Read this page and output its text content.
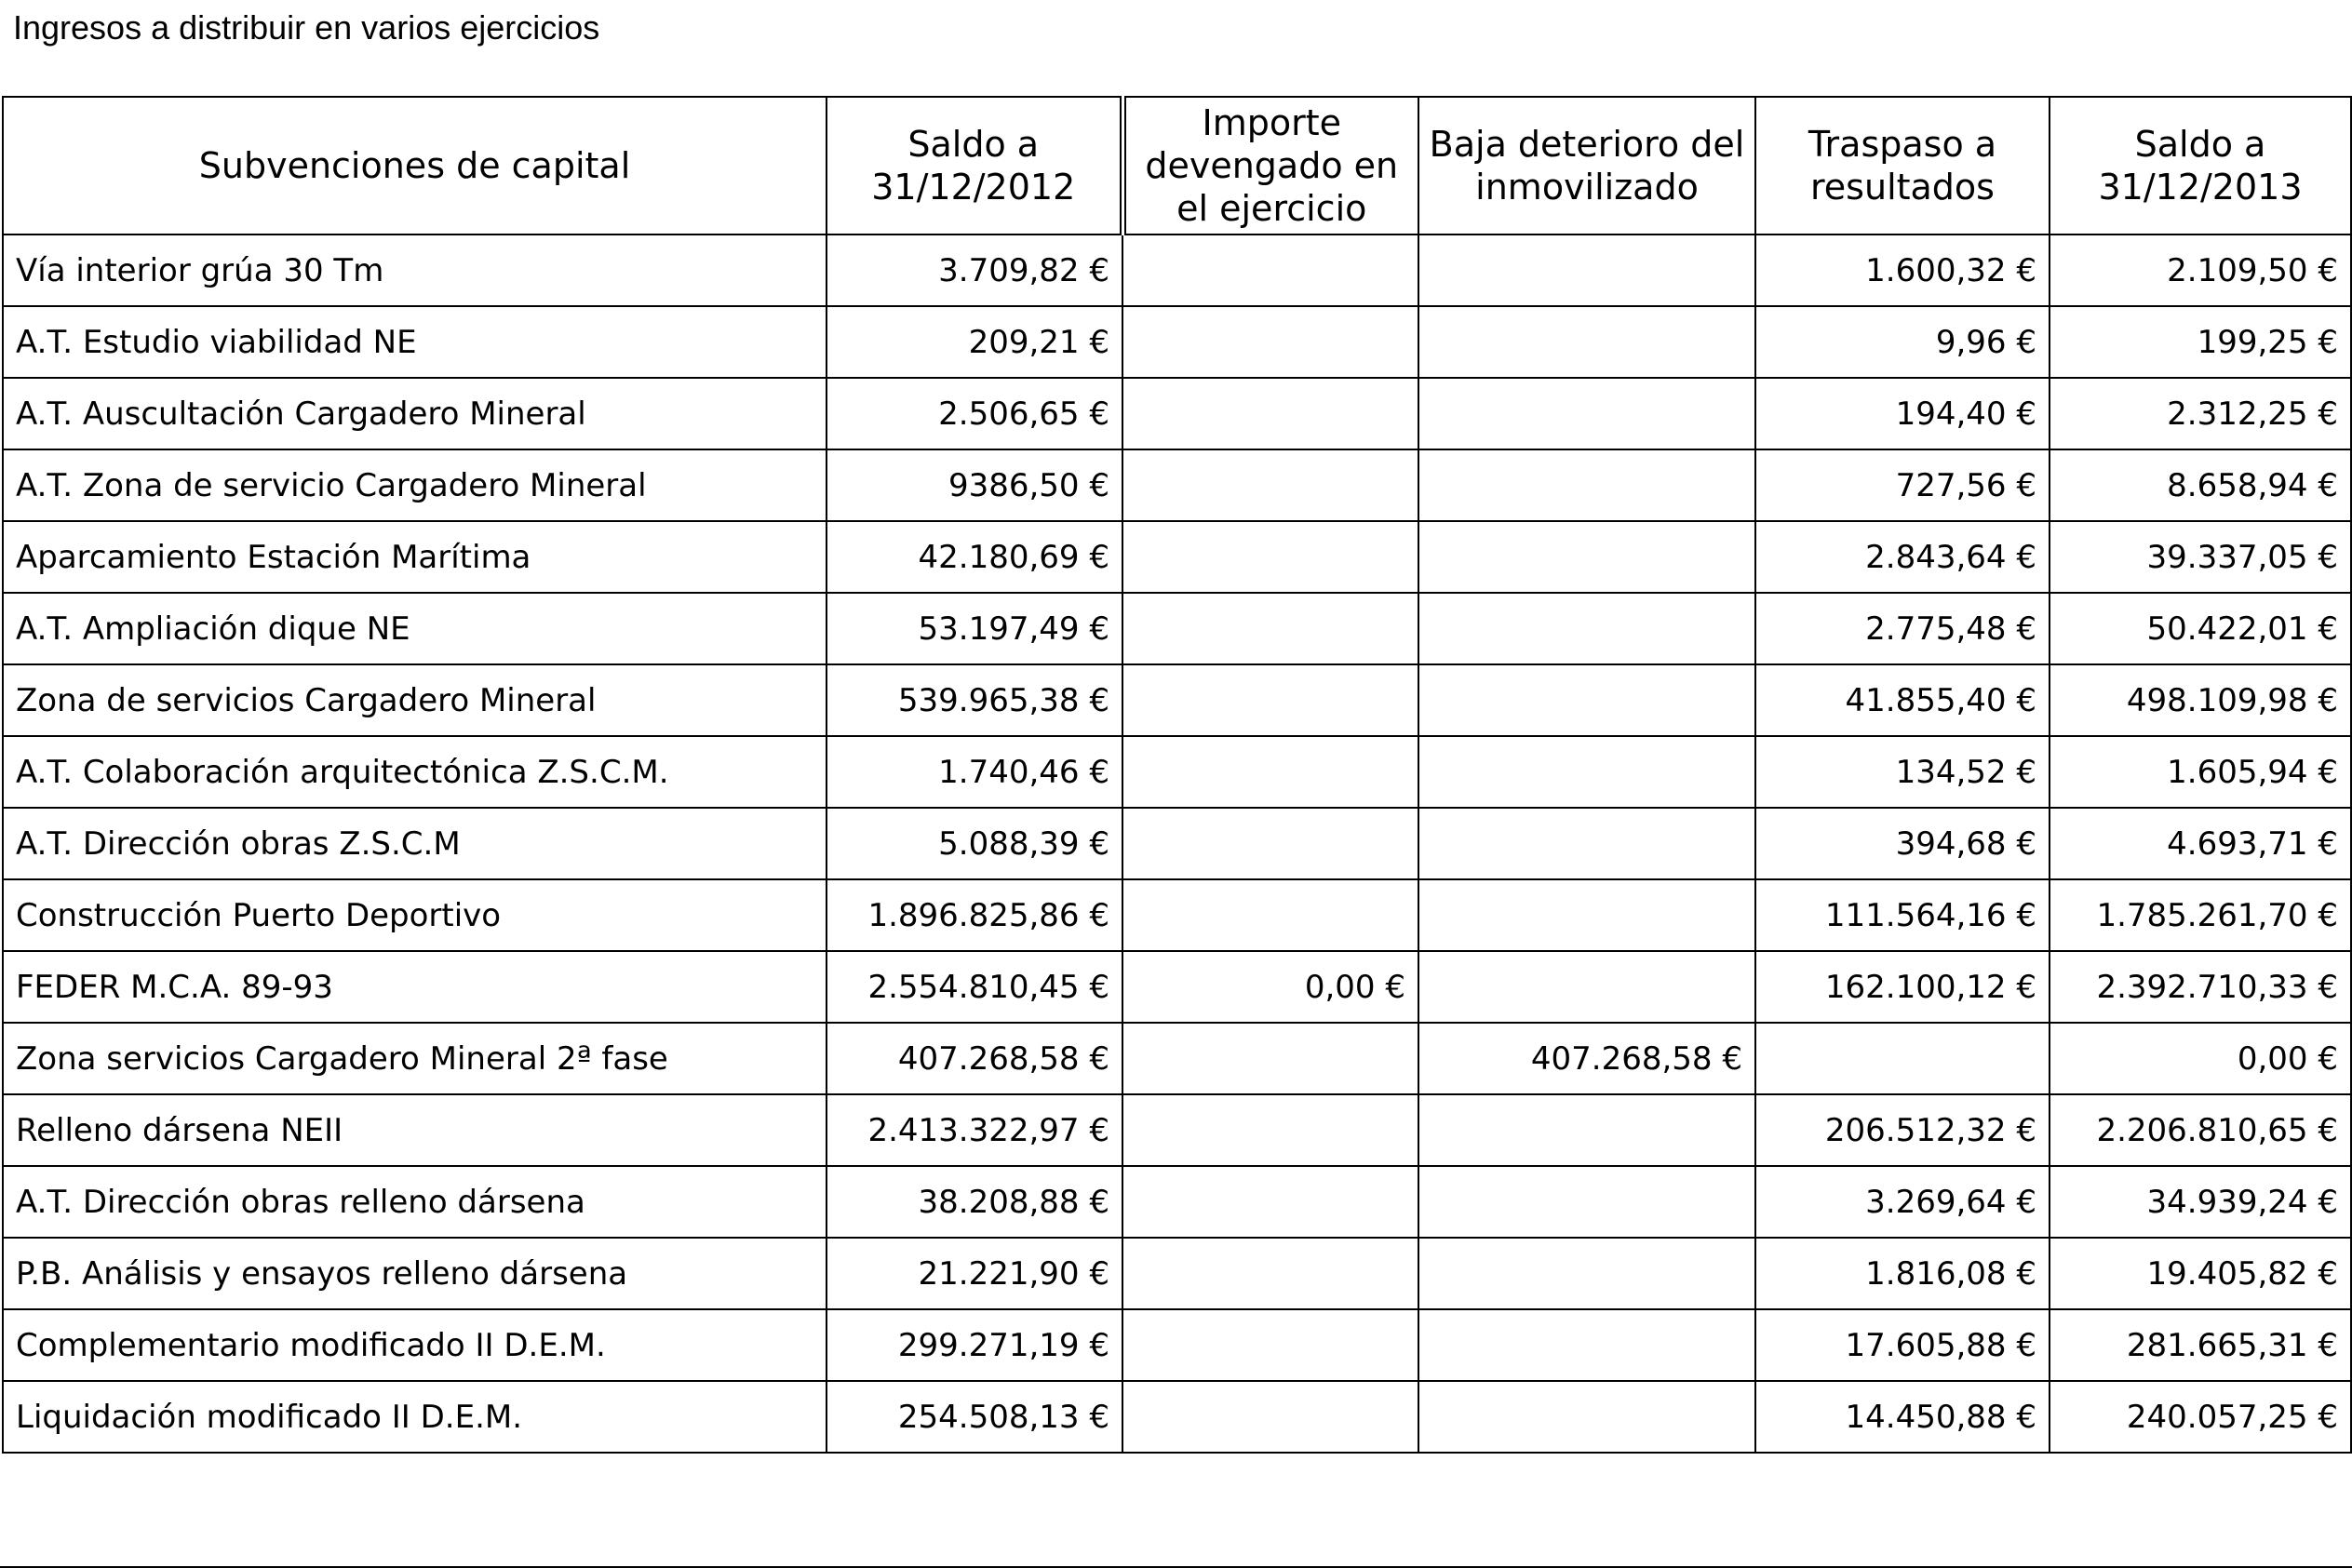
Ingresos a distribuir en varios ejercicios
Subvenciones de capital	Saldo a 31/12/2012	Importe devengado en el ejercicio	Baja deterioro del inmovilizado	Traspaso a resultados	Saldo a 31/12/2013
Vía interior grúa 30 Tm	3.709,82 €			1.600,32 €	2.109,50 €
A.T. Estudio viabilidad NE	209,21 €			9,96 €	199,25 €
A.T. Auscultación Cargadero Mineral	2.506,65 €			194,40 €	2.312,25 €
A.T. Zona de servicio Cargadero Mineral	9386,50 €			727,56 €	8.658,94 €
Aparcamiento Estación Marítima	42.180,69 €			2.843,64 €	39.337,05 €
A.T. Ampliación dique NE	53.197,49 €			2.775,48 €	50.422,01 €
Zona de servicios Cargadero Mineral	539.965,38 €			41.855,40 €	498.109,98 €
A.T. Colaboración arquitectónica Z.S.C.M.	1.740,46 €			134,52 €	1.605,94 €
A.T. Dirección obras Z.S.C.M	5.088,39 €			394,68 €	4.693,71 €
Construcción Puerto Deportivo	1.896.825,86 €			111.564,16 €	1.785.261,70 €
FEDER M.C.A. 89-93	2.554.810,45 €	0,00 €		162.100,12 €	2.392.710,33 €
Zona servicios Cargadero Mineral 2ª fase	407.268,58 €		407.268,58 €		0,00 €
Relleno dársena NEII	2.413.322,97 €			206.512,32 €	2.206.810,65 €
A.T. Dirección obras relleno dársena	38.208,88 €			3.269,64 €	34.939,24 €
P.B. Análisis y ensayos relleno dársena	21.221,90 €			1.816,08 €	19.405,82 €
Complementario modificado II D.E.M.	299.271,19 €			17.605,88 €	281.665,31 €
Liquidación modificado II D.E.M.	254.508,13 €			14.450,88 €	240.057,25 €
